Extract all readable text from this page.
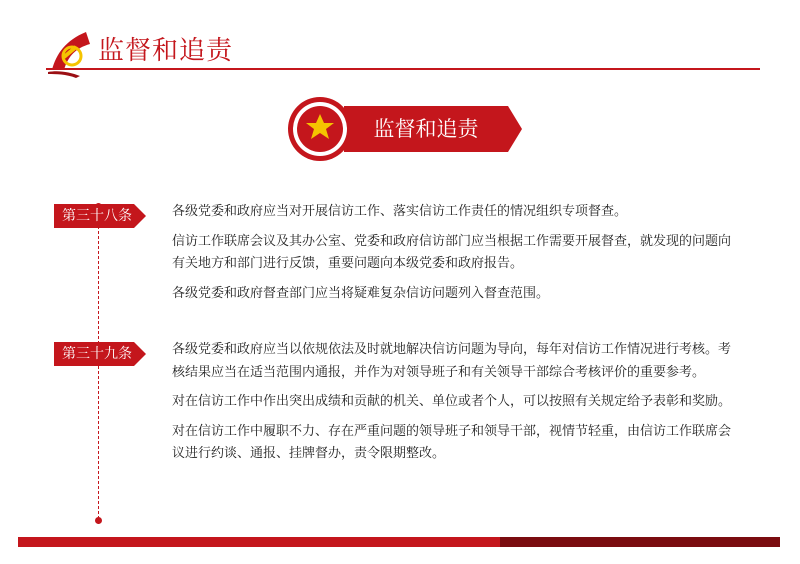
监督和追责
监督和追责
第三十八条	各级党委和政府应当对开展信访工作、落实信访工作责任的情况组织专项督查。

信访工作联席会议及其办公室、党委和政府信访部门应当根据工作需要开展督查，就发现的问题向有关地方和部门进行反馈，重要问题向本级党委和政府报告。

各级党委和政府督查部门应当将疑难复杂信访问题列入督查范围。

第三十九条	各级党委和政府应当以依规依法及时就地解决信访问题为导向，每年对信访工作情况进行考核。考核结果应当在适当范围内通报，并作为对领导班子和有关领导干部综合考核评价的重要参考。

对在信访工作中作出突出成绩和贡献的机关、单位或者个人，可以按照有关规定给予表彰和奖励。

对在信访工作中履职不力、存在严重问题的领导班子和领导干部，视情节轻重，由信访工作联席会议进行约谈、通报、挂牌督办，责令限期整改。
